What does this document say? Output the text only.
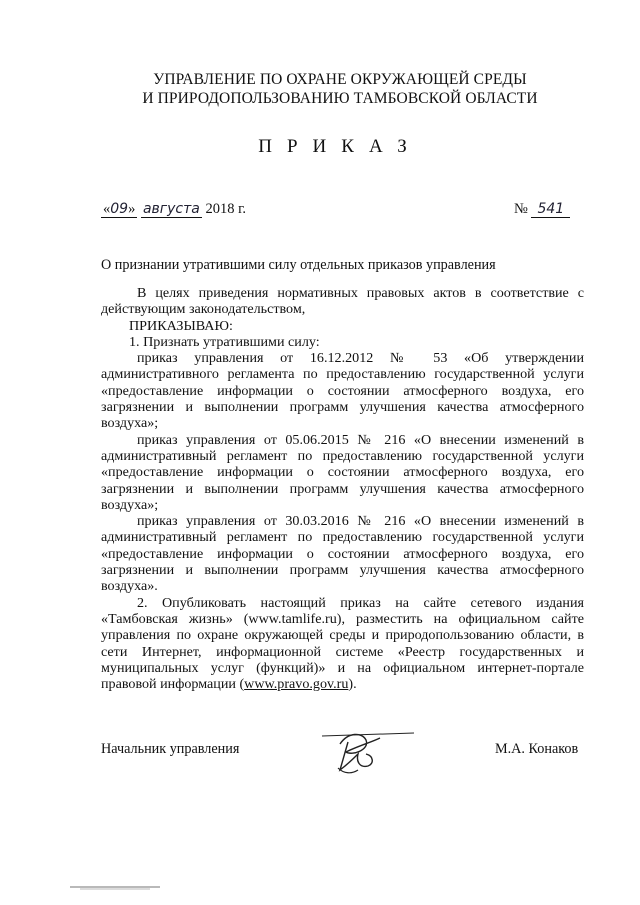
УПРАВЛЕНИЕ ПО ОХРАНЕ ОКРУЖАЮЩЕЙ СРЕДЫ
И ПРИРОДОПОЛЬЗОВАНИЮ ТАМБОВСКОЙ ОБЛАСТИ
ПРИКАЗ
«09» августа 2018 г.	№ 541
О признании утратившими силу отдельных приказов управления

В целях приведения нормативных правовых актов в соответствие с действующим законодательством,

ПРИКАЗЫВАЮ:

1. Признать утратившими силу:

приказ управления от 16.12.2012 № 53 «Об утверждении административного регламента по предоставлению государственной услуги «предоставление информации о состоянии атмосферного воздуха, его загрязнении и выполнении программ улучшения качества атмосферного воздуха»;

приказ управления от 05.06.2015 № 216 «О внесении изменений в административный регламент по предоставлению государственной услуги «предоставление информации о состоянии атмосферного воздуха, его загрязнении и выполнении программ улучшения качества атмосферного воздуха»;

приказ управления от 30.03.2016 № 216 «О внесении изменений в административный регламент по предоставлению государственной услуги «предоставление информации о состоянии атмосферного воздуха, его загрязнении и выполнении программ улучшения качества атмосферного воздуха».

2. Опубликовать настоящий приказ на сайте сетевого издания «Тамбовская жизнь» (www.tamlife.ru), разместить на официальном сайте управления по охране окружающей среды и природопользованию области, в сети Интернет, информационной системе «Реестр государственных и муниципальных услуг (функций)» и на официальном интернет-портале правовой информации (www.pravo.gov.ru).

Начальник управления	М.А. Конаков
